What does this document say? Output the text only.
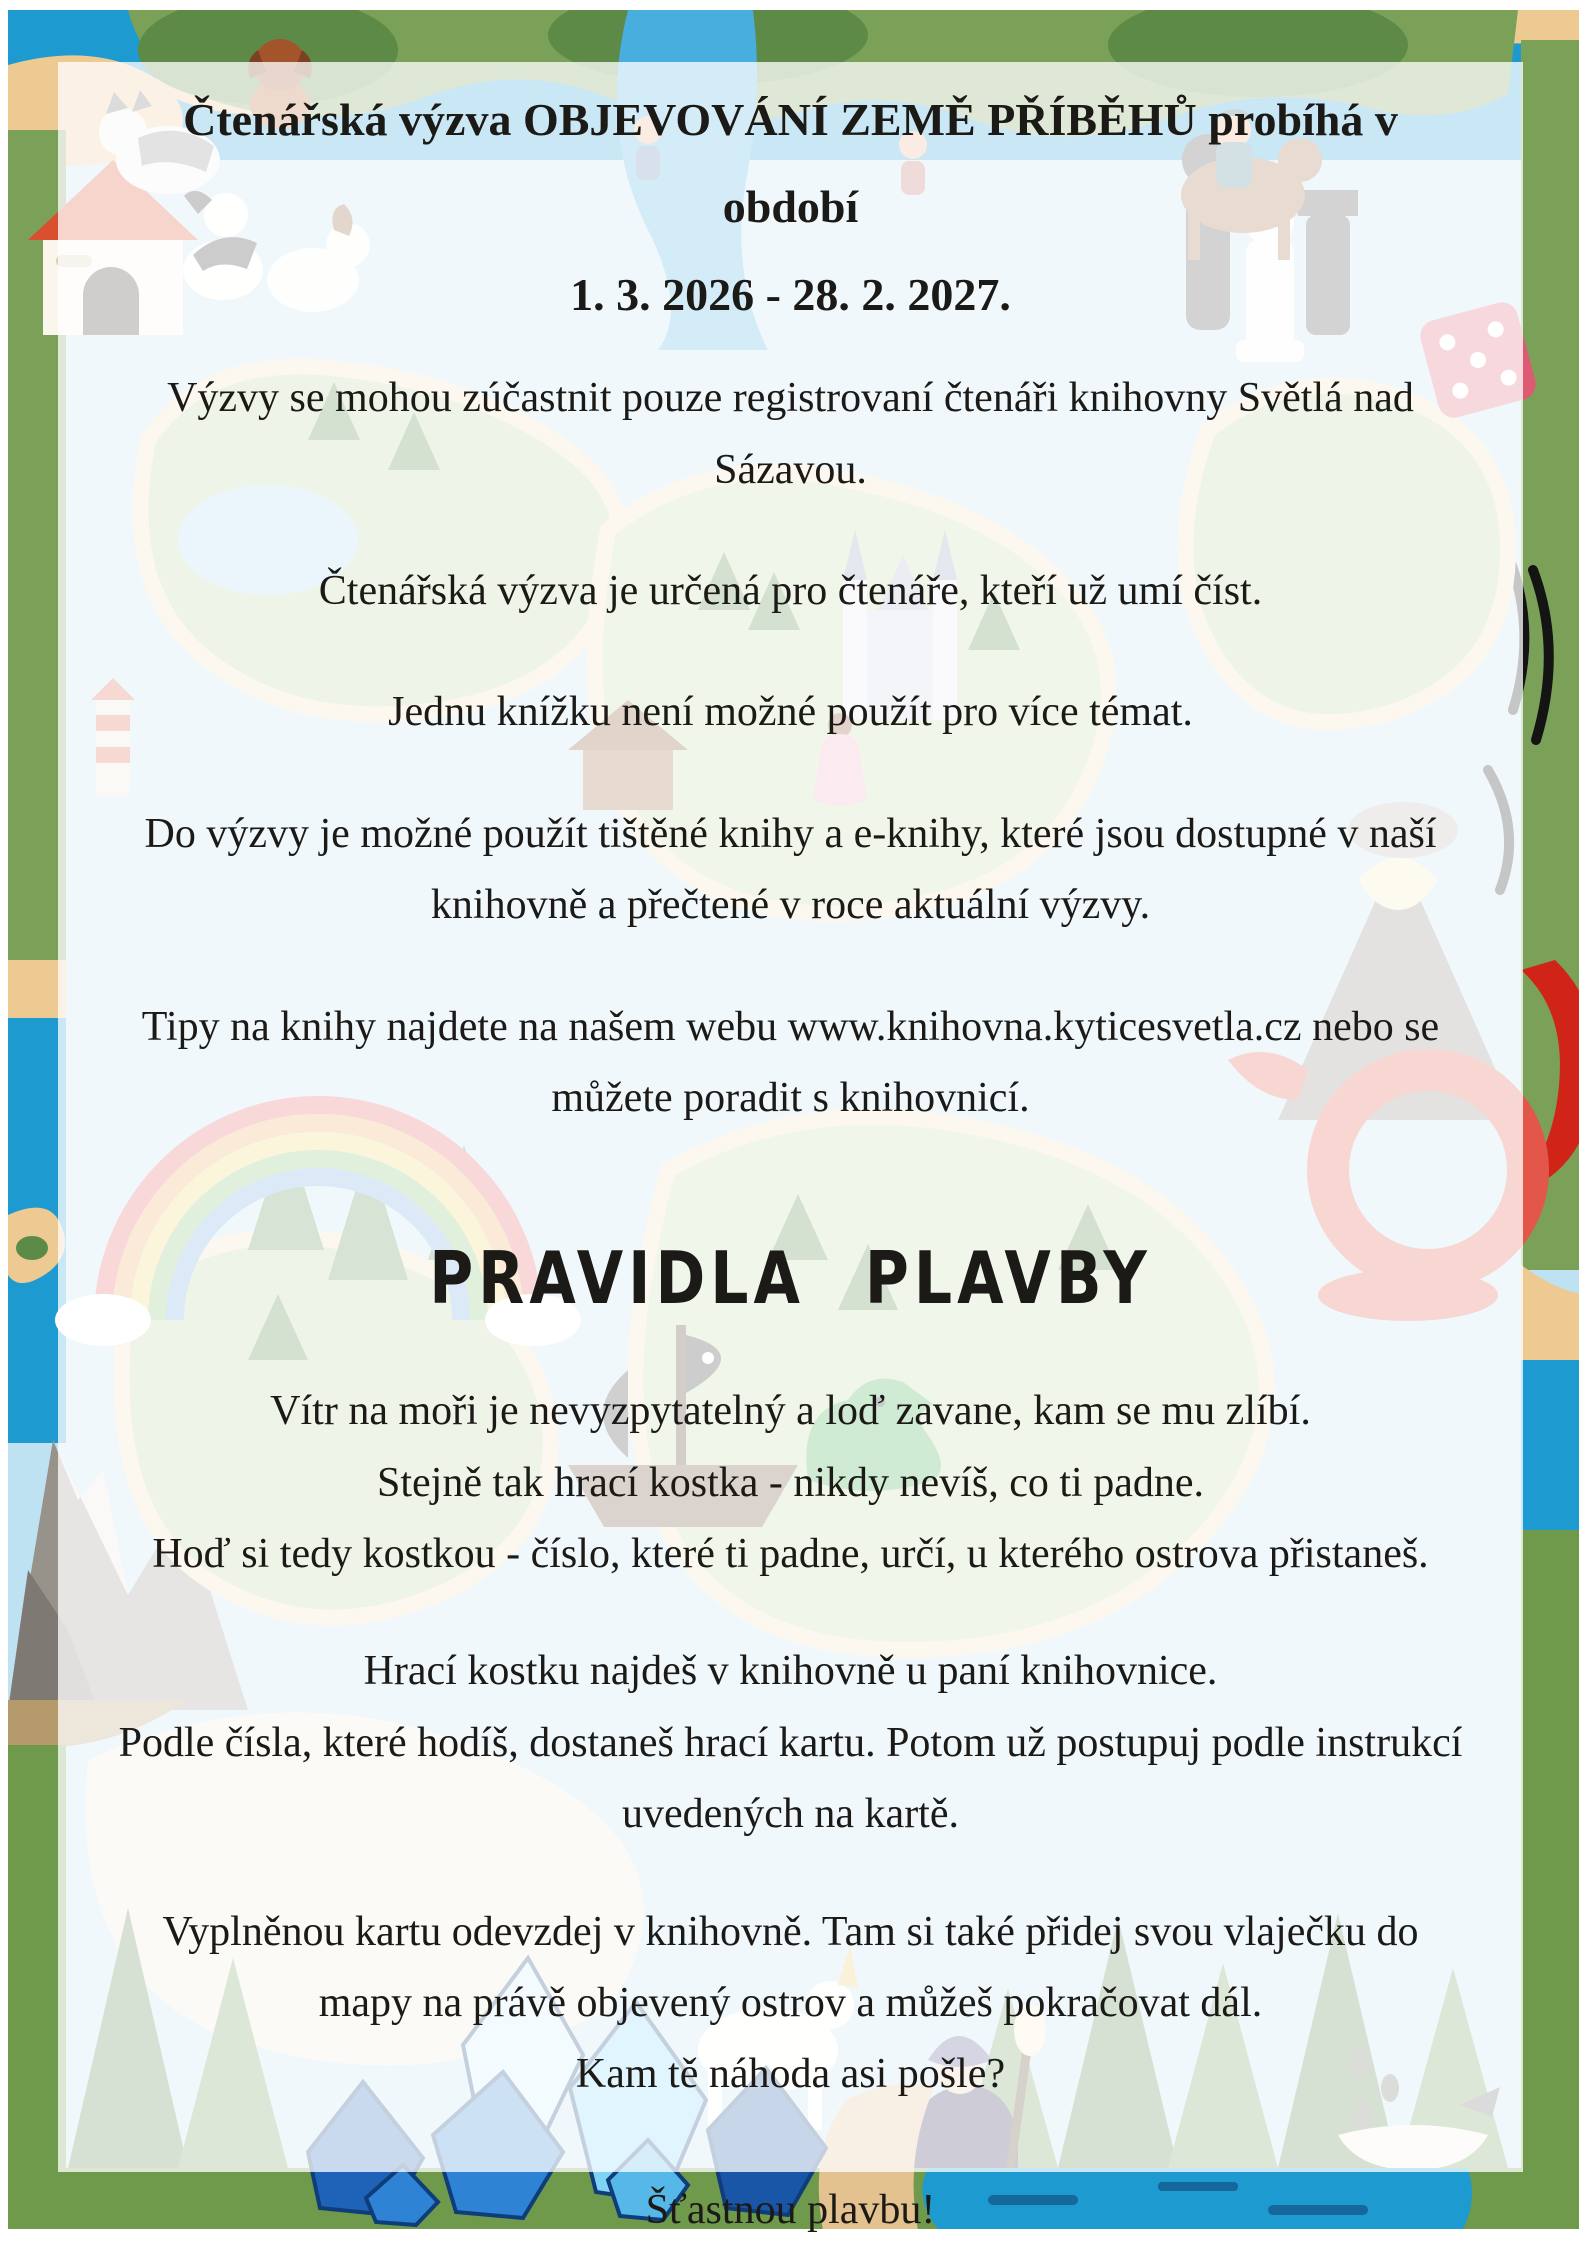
Čtenářská výzva OBJEVOVÁNÍ ZEMĚ PŘÍBĚHŮ probíhá v období
1. 3. 2026 - 28. 2. 2027.

Výzvy se mohou zúčastnit pouze registrovaní čtenáři knihovny Světlá nad Sázavou.

Čtenářská výzva je určená pro čtenáře, kteří už umí číst.

Jednu knížku není možné použít pro více témat.

Do výzvy je možné použít tištěné knihy a e-knihy, které jsou dostupné v naší knihovně a přečtené v roce aktuální výzvy.

Tipy na knihy najdete na našem webu www.knihovna.kyticesvetla.cz nebo se můžete poradit s knihovnicí.

PRAVIDLA PLAVBY
Vítr na moři je nevyzpytatelný a loď zavane, kam se mu zlíbí.
Stejně tak hrací kostka - nikdy nevíš, co ti padne.
Hoď si tedy kostkou - číslo, které ti padne, určí, u kterého ostrova přistaneš.
Hrací kostku najdeš v knihovně u paní knihovnice.
Podle čísla, které hodíš, dostaneš hrací kartu. Potom už postupuj podle instrukcí uvedených na kartě.
Vyplněnou kartu odevzdej v knihovně. Tam si také přidej svou vlaječku do mapy na právě objevený ostrov a můžeš pokračovat dál.
Kam tě náhoda asi pošle?

Šťastnou plavbu!
